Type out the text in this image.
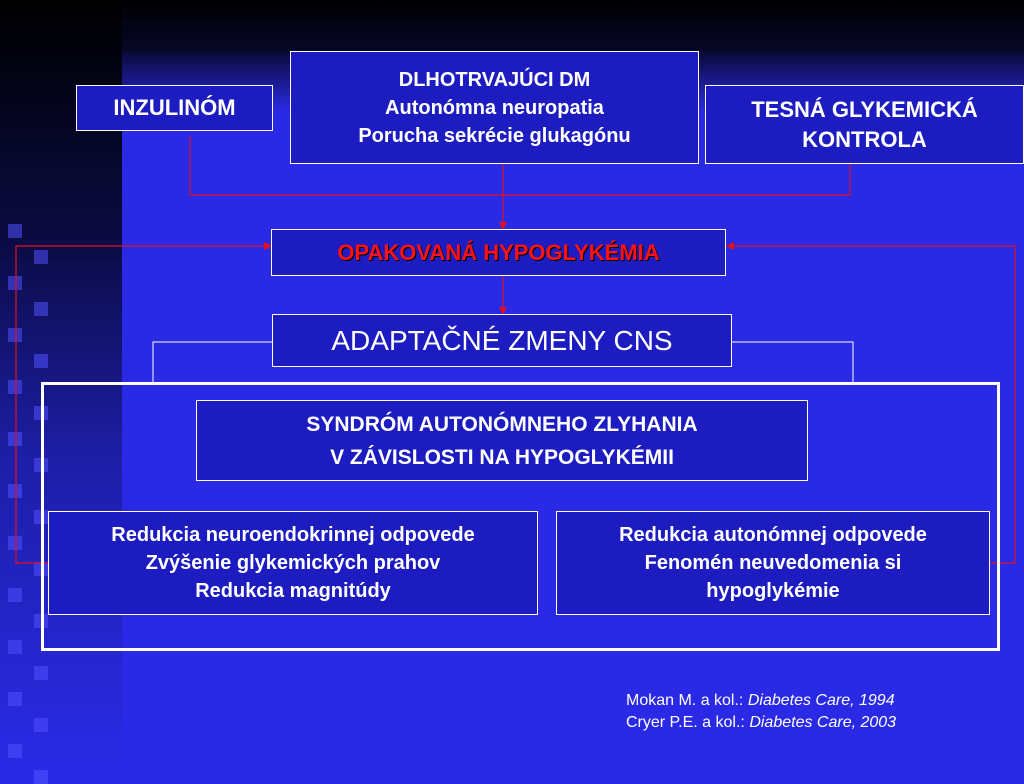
DLHOTRVAJÚCI DM
Autonómna neuropatia
Porucha sekrécie glukagónu
INZULINÓM	TESNÁ GLYKEMICKÁ
KONTROLA
OPAKOVANÁ HYPOGLYKÉMIA
ADAPTAČNÉ ZMENY CNS
SYNDRÓM AUTONÓMNEHO ZLYHANIA
V ZÁVISLOSTI NA HYPOGLYKÉMII
Redukcia neuroendokrinnej odpovede
Zvýšenie glykemických prahov
Redukcia magnitúdy
Redukcia autonómnej odpovede
Fenomén neuvedomenia si
hypoglykémie
Mokan M. a kol.: Diabetes Care, 1994
Cryer P.E. a kol.: Diabetes Care, 2003
